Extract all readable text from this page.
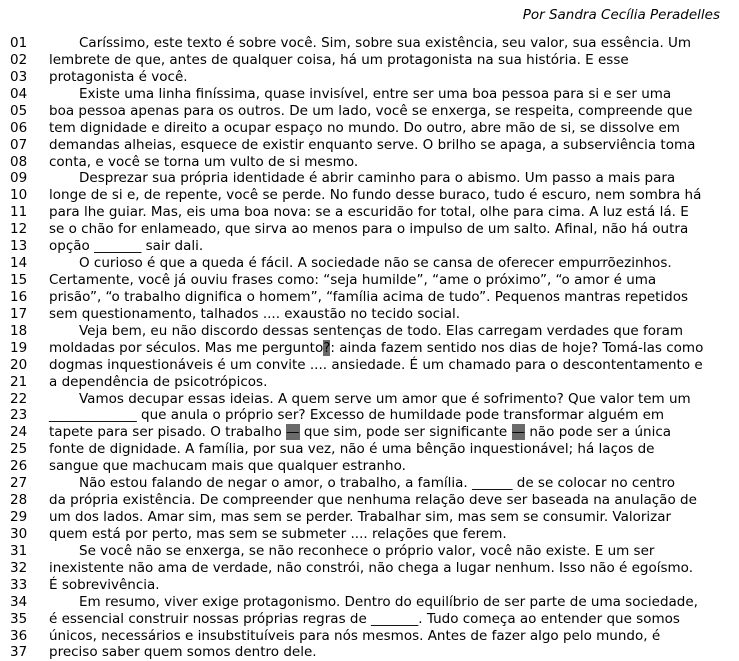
Por Sandra Cecília Peradelles
01	Caríssimo, este texto é sobre você. Sim, sobre sua existência, seu valor, sua essência. Um
02	lembrete de que, antes de qualquer coisa, há um protagonista na sua história. E esse
03	protagonista é você.
04	Existe uma linha finíssima, quase invisível, entre ser uma boa pessoa para si e ser uma
05	boa pessoa apenas para os outros. De um lado, você se enxerga, se respeita, compreende que
06	tem dignidade e direito a ocupar espaço no mundo. Do outro, abre mão de si, se dissolve em
07	demandas alheias, esquece de existir enquanto serve. O brilho se apaga, a subserviência toma
08	conta, e você se torna um vulto de si mesmo.
09	Desprezar sua própria identidade é abrir caminho para o abismo. Um passo a mais para
10	longe de si e, de repente, você se perde. No fundo desse buraco, tudo é escuro, nem sombra há
11	para lhe guiar. Mas, eis uma boa nova: se a escuridão for total, olhe para cima. A luz está lá. E
12	se o chão for enlameado, que sirva ao menos para o impulso de um salto. Afinal, não há outra
13	opção _______ sair dali.
14	O curioso é que a queda é fácil. A sociedade não se cansa de oferecer empurrõezinhos.
15	Certamente, você já ouviu frases como: “seja humilde”, “ame o próximo”, “o amor é uma
16	prisão”, “o trabalho dignifica o homem”, “família acima de tudo”. Pequenos mantras repetidos
17	sem questionamento, talhados .... exaustão no tecido social.
18	Veja bem, eu não discordo dessas sentenças de todo. Elas carregam verdades que foram
19	moldadas por séculos. Mas me pergunto?: ainda fazem sentido nos dias de hoje? Tomá-las como
20	dogmas inquestionáveis é um convite .... ansiedade. É um chamado para o descontentamento e
21	a dependência de psicotrópicos.
22	Vamos decupar essas ideias. A quem serve um amor que é sofrimento? Que valor tem um
23	_____________ que anula o próprio ser? Excesso de humildade pode transformar alguém em
24	tapete para ser pisado. O trabalho — que sim, pode ser significante — não pode ser a única
25	fonte de dignidade. A família, por sua vez, não é uma bênção inquestionável; há laços de
26	sangue que machucam mais que qualquer estranho.
27	Não estou falando de negar o amor, o trabalho, a família. ______ de se colocar no centro
28	da própria existência. De compreender que nenhuma relação deve ser baseada na anulação de
29	um dos lados. Amar sim, mas sem se perder. Trabalhar sim, mas sem se consumir. Valorizar
30	quem está por perto, mas sem se submeter .... relações que ferem.
31	Se você não se enxerga, se não reconhece o próprio valor, você não existe. E um ser
32	inexistente não ama de verdade, não constrói, não chega a lugar nenhum. Isso não é egoísmo.
33	É sobrevivência.
34	Em resumo, viver exige protagonismo. Dentro do equilíbrio de ser parte de uma sociedade,
35	é essencial construir nossas próprias regras de _______. Tudo começa ao entender que somos
36	únicos, necessários e insubstituíveis para nós mesmos. Antes de fazer algo pelo mundo, é
37	preciso saber quem somos dentro dele.
